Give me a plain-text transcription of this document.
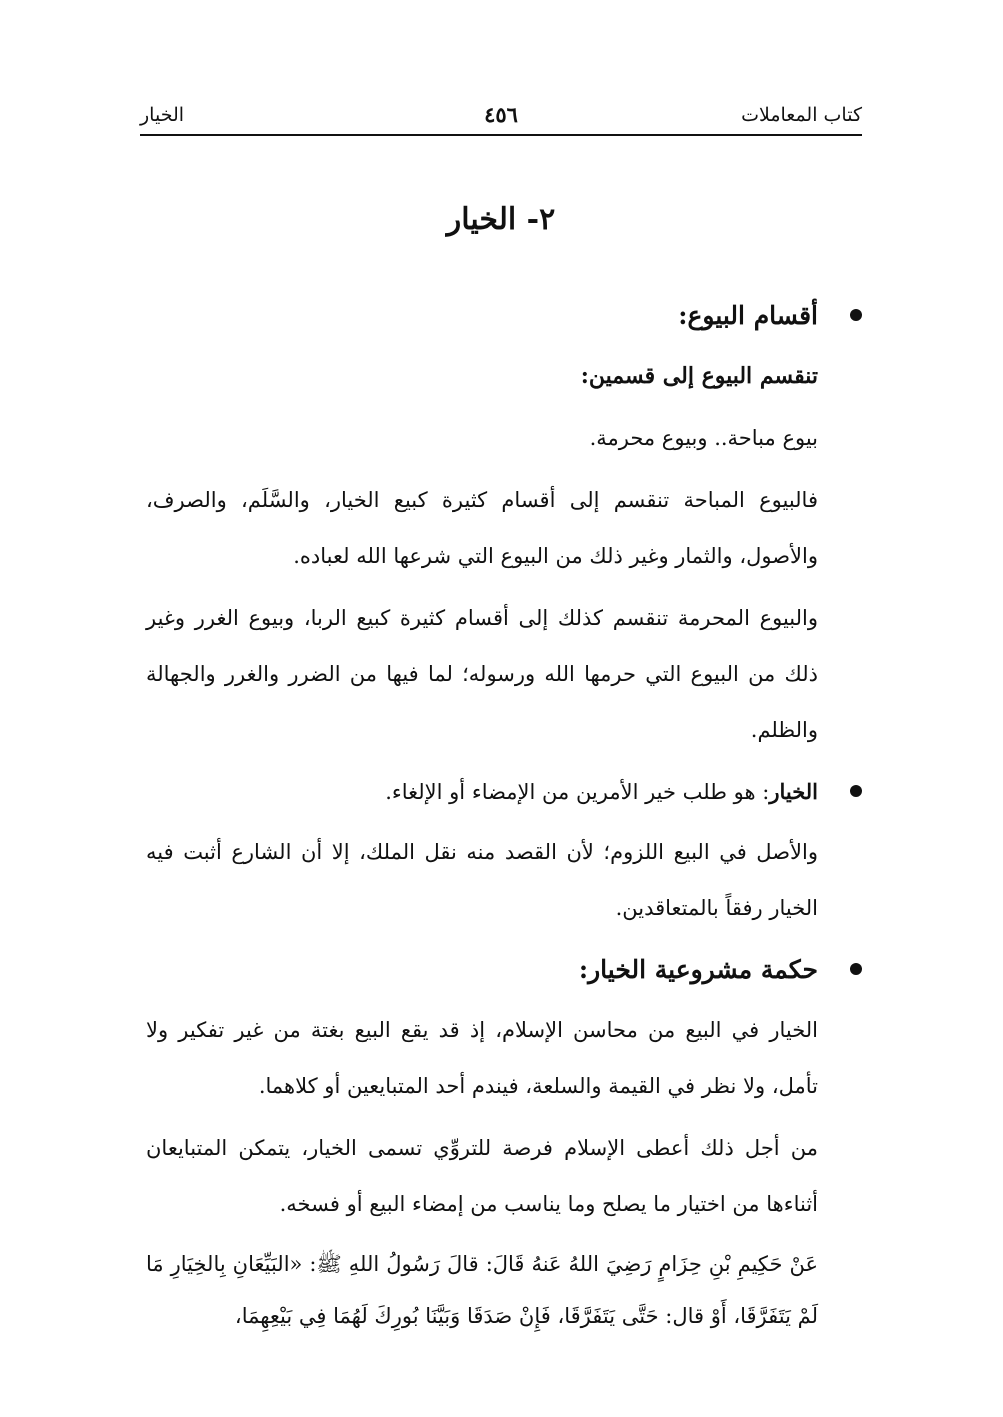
كتاب المعاملات
٤٥٦
الخيار
٢- الخيار
أقسام البيوع:

تنقسم البيوع إلى قسمين:

بيوع مباحة.. وبيوع محرمة.

فالبيوع المباحة تنقسم إلى أقسام كثيرة كبيع الخيار، والسَّلَم، والصرف، والأصول، والثمار وغير ذلك من البيوع التي شرعها الله لعباده.

والبيوع المحرمة تنقسم كذلك إلى أقسام كثيرة كبيع الربا، وبيوع الغرر وغير ذلك من البيوع التي حرمها الله ورسوله؛ لما فيها من الضرر والغرر والجهالة والظلم.

الخيار: هو طلب خير الأمرين من الإمضاء أو الإلغاء.

والأصل في البيع اللزوم؛ لأن القصد منه نقل الملك، إلا أن الشارع أثبت فيه الخيار رفقاً بالمتعاقدين.

حكمة مشروعية الخيار:

الخيار في البيع من محاسن الإسلام، إذ قد يقع البيع بغتة من غير تفكير ولا تأمل، ولا نظر في القيمة والسلعة، فيندم أحد المتبايعين أو كلاهما.

من أجل ذلك أعطى الإسلام فرصة للتروِّي تسمى الخيار، يتمكن المتبايعان أثناءها من اختيار ما يصلح وما يناسب من إمضاء البيع أو فسخه.

عَنْ حَكِيمِ بْنِ حِزَامٍ رَضِيَ اللهُ عَنهُ قَالَ: قالَ رَسُولُ اللهِ ﷺ: «البَيِّعَانِ بِالخِيَارِ مَا لَمْ يَتَفَرَّقَا، أَوْ قال: حَتَّى يَتَفَرَّقَا، فَإِنْ صَدَقَا وَبَيَّنَا بُورِكَ لَهُمَا فِي بَيْعِهِمَا،
